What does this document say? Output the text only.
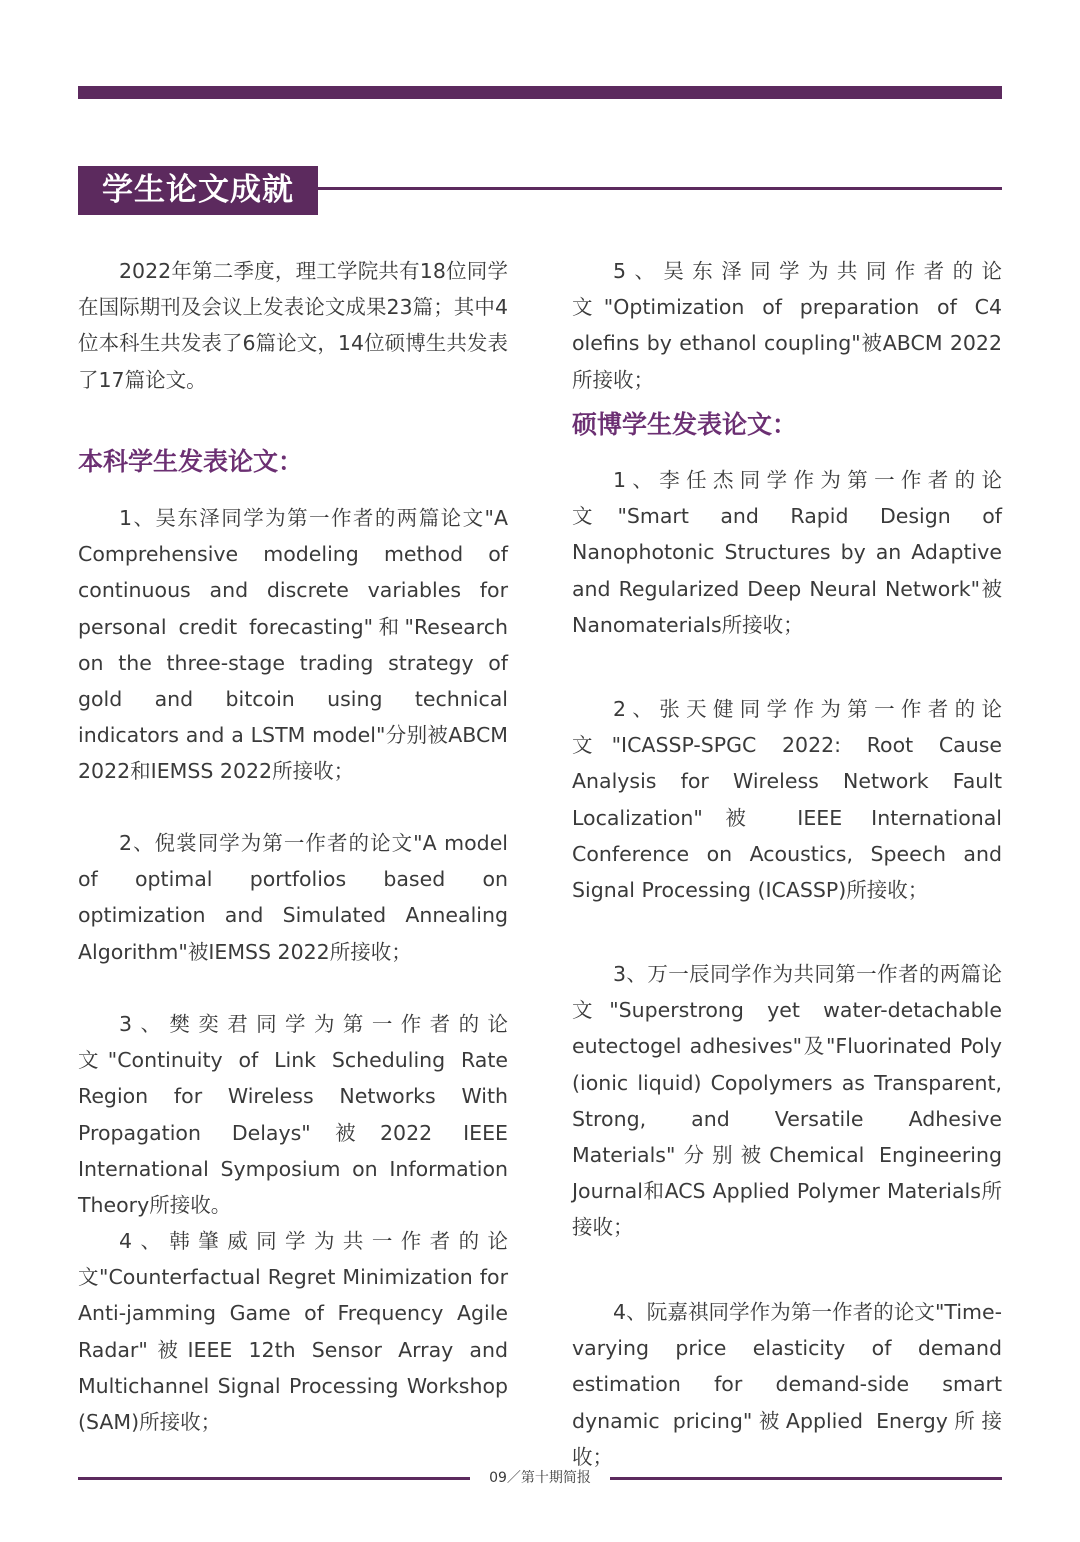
学生论文成就

2022年第二季度，理工学院共有18位同学在国际期刊及会议上发表论文成果23篇；其中4位本科生共发表了6篇论文，14位硕博生共发表了17篇论文。

本科学生发表论文：

1、吴东泽同学为第一作者的两篇论文"A Comprehensive modeling method of continuous and discrete variables for personal credit forecasting"和"Research on the three-stage trading strategy of gold and bitcoin using technical indicators and a LSTM model"分别被ABCM 2022和IEMSS 2022所接收；

2、倪裳同学为第一作者的论文"A model of optimal portfolios based on optimization and Simulated Annealing Algorithm"被IEMSS 2022所接收；

3、樊奕君同学为第一作者的论文"Continuity of Link Scheduling Rate Region for Wireless Networks With Propagation Delays"被2022 IEEE International Symposium on Information Theory所接收。

4、韩肇威同学为共一作者的论文"Counterfactual Regret Minimization for Anti-jamming Game of Frequency Agile Radar"被IEEE 12th Sensor Array and Multichannel Signal Processing Workshop (SAM)所接收；

5、吴东泽同学为共同作者的论文"Optimization of preparation of C4 olefins by ethanol coupling"被ABCM 2022所接收；

硕博学生发表论文：

1、李任杰同学作为第一作者的论文"Smart and Rapid Design of Nanophotonic Structures by an Adaptive and Regularized Deep Neural Network"被Nanomaterials所接收；

2、张天健同学作为第一作者的论文"ICASSP-SPGC 2022: Root Cause Analysis for Wireless Network Fault Localization"被 IEEE International Conference on Acoustics, Speech and Signal Processing (ICASSP)所接收；

3、万一辰同学作为共同第一作者的两篇论文"Superstrong yet water-detachable eutectogel adhesives"及"Fluorinated Poly (ionic liquid) Copolymers as Transparent, Strong, and Versatile Adhesive Materials"分别被Chemical Engineering Journal和ACS Applied Polymer Materials所接收；

4、阮嘉祺同学作为第一作者的论文"Time-varying price elasticity of demand estimation for demand-side smart dynamic pricing"被Applied Energy所接收；

09／第十期简报
